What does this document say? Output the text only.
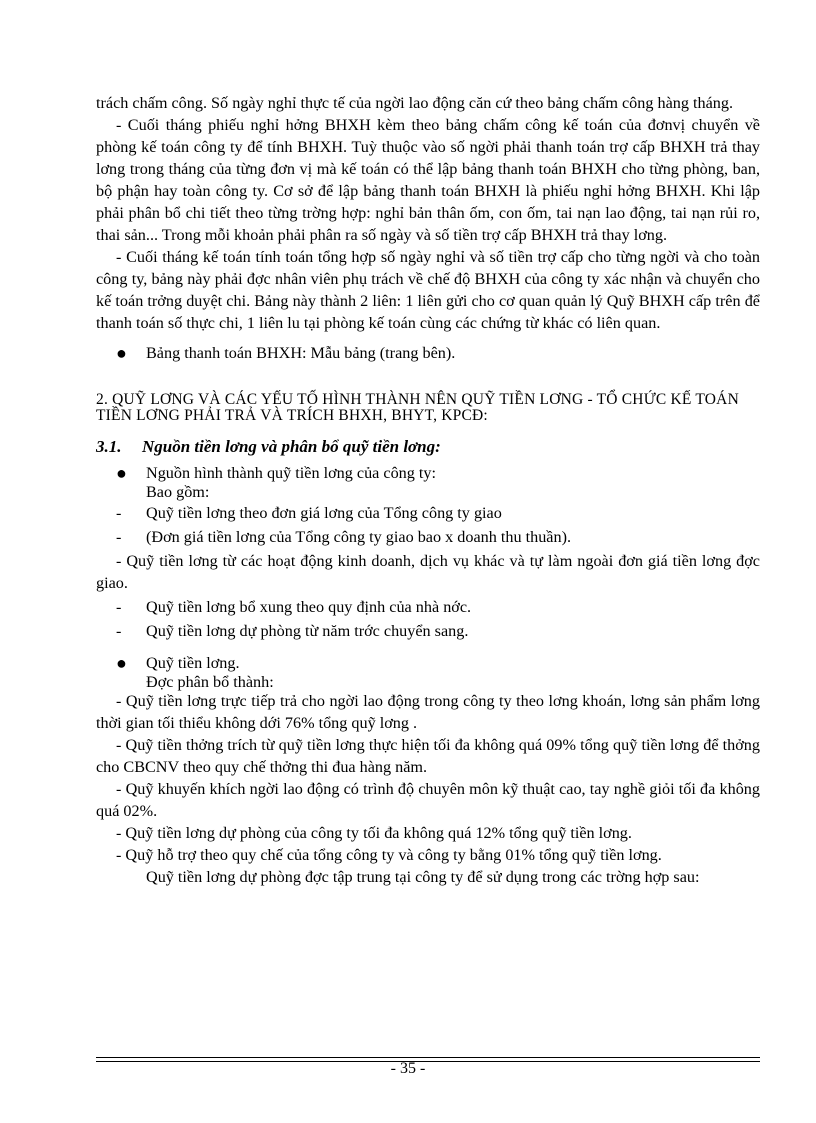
trách chấm công. Số ngày nghỉ thực tế của ngời lao động căn cứ theo bảng chấm công hàng tháng.

- Cuối tháng phiếu nghỉ hởng BHXH kèm theo bảng chấm công kế toán của đơnvị chuyển về phòng kế toán công ty để tính BHXH. Tuỳ thuộc vào số ngời phải thanh toán trợ cấp BHXH trả thay lơng trong tháng của từng đơn vị mà kế toán có thể lập bảng thanh toán BHXH cho từng phòng, ban, bộ phận hay toàn công ty. Cơ sở để lập bảng thanh toán BHXH là phiếu nghỉ hởng BHXH. Khi lập phải phân bổ chi tiết theo từng trờng hợp: nghỉ bản thân ốm, con ốm, tai nạn lao động, tai nạn rủi ro, thai sản... Trong mỗi khoản phải phân ra số ngày và số tiền trợ cấp BHXH trả thay lơng.

- Cuối tháng kế toán tính toán tổng hợp số ngày nghỉ và số tiền trợ cấp cho từng ngời và cho toàn công ty, bảng này phải đợc nhân viên phụ trách về chế độ BHXH của công ty xác nhận và chuyển cho kế toán trởng duyệt chi. Bảng này thành 2 liên: 1 liên gửi cho cơ quan quản lý Quỹ BHXH cấp trên để thanh toán số thực chi, 1 liên lu tại phòng kế toán cùng các chứng từ khác có liên quan.

● Bảng thanh toán BHXH: Mẫu bảng (trang bên).

2. QUỸ LƠNG VÀ CÁC YẾU TỐ HÌNH THÀNH NÊN QUỸ TIỀN LƠNG - TỔ CHỨC KẾ TOÁN TIỀN LƠNG PHẢI TRẢ VÀ TRÍCH BHXH, BHYT, KPCĐ:

3.1. Nguồn tiền lơng và phân bổ quỹ tiền lơng:

● Nguồn hình thành quỹ tiền lơng của công ty:
Bao gồm:
- Quỹ tiền lơng theo đơn giá lơng của Tổng công ty giao
- (Đơn giá tiền lơng của Tổng công ty giao bao x doanh thu thuần).

- Quỹ tiền lơng từ các hoạt động kinh doanh, dịch vụ khác và tự làm ngoài đơn giá tiền lơng đợc giao.

- Quỹ tiền lơng bổ xung theo quy định của nhà nớc.
- Quỹ tiền lơng dự phòng từ năm trớc chuyển sang.
● Quỹ tiền lơng.
Đợc phân bổ thành:

- Quỹ tiền lơng trực tiếp trả cho ngời lao động trong công ty theo lơng khoán, lơng sản phẩm lơng thời gian tối thiểu không dới 76% tổng quỹ lơng .

- Quỹ tiền thởng trích từ quỹ tiền lơng thực hiện tối đa không quá 09% tổng quỹ tiền lơng để thởng cho CBCNV theo quy chế thởng thi đua hàng năm.

- Quỹ khuyến khích ngời lao động có trình độ chuyên môn kỹ thuật cao, tay nghề giỏi tối đa không quá 02%.

- Quỹ tiền lơng dự phòng của công ty tối đa không quá 12% tổng quỹ tiền lơng.

- Quỹ hỗ trợ theo quy chế của tổng công ty và công ty bằng 01% tổng quỹ tiền lơng.

Quỹ tiền lơng dự phòng đợc tập trung tại công ty để sử dụng trong các trờng hợp sau:

- 35 -
